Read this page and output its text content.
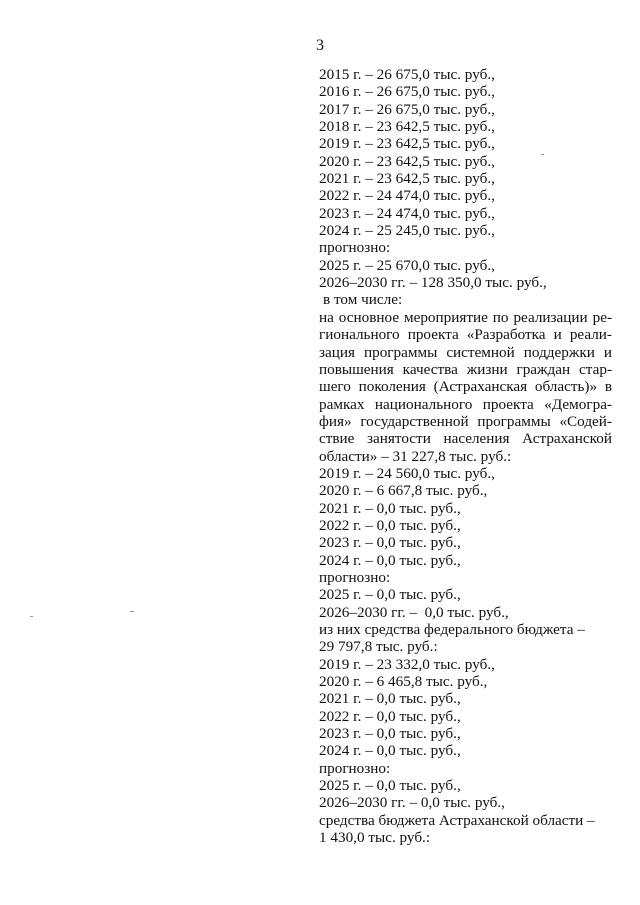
3
2015 г. – 26 675,0 тыс. руб.,
2016 г. – 26 675,0 тыс. руб.,
2017 г. – 26 675,0 тыс. руб.,
2018 г. – 23 642,5 тыс. руб.,
2019 г. – 23 642,5 тыс. руб.,
2020 г. – 23 642,5 тыс. руб.,
2021 г. – 23 642,5 тыс. руб.,
2022 г. – 24 474,0 тыс. руб.,
2023 г. – 24 474,0 тыс. руб.,
2024 г. – 25 245,0 тыс. руб.,
прогнозно:
2025 г. – 25 670,0 тыс. руб.,
2026–2030 гг. – 128 350,0 тыс. руб.,
в том числе:
на основное мероприятие по реализации ре-
гионального проекта «Разработка и реали-
зация программы системной поддержки и
повышения качества жизни граждан стар-
шего поколения (Астраханская область)» в
рамках национального проекта «Демогра-
фия» государственной программы «Содей-
ствие занятости населения Астраханской
области» – 31 227,8 тыс. руб.:
2019 г. – 24 560,0 тыс. руб.,
2020 г. – 6 667,8 тыс. руб.,
2021 г. – 0,0 тыс. руб.,
2022 г. – 0,0 тыс. руб.,
2023 г. – 0,0 тыс. руб.,
2024 г. – 0,0 тыс. руб.,
прогнозно:
2025 г. – 0,0 тыс. руб.,
2026–2030 гг. –  0,0 тыс. руб.,
из них средства федерального бюджета –
29 797,8 тыс. руб.:
2019 г. – 23 332,0 тыс. руб.,
2020 г. – 6 465,8 тыс. руб.,
2021 г. – 0,0 тыс. руб.,
2022 г. – 0,0 тыс. руб.,
2023 г. – 0,0 тыс. руб.,
2024 г. – 0,0 тыс. руб.,
прогнозно:
2025 г. – 0,0 тыс. руб.,
2026–2030 гг. – 0,0 тыс. руб.,
средства бюджета Астраханской области –
1 430,0 тыс. руб.:
